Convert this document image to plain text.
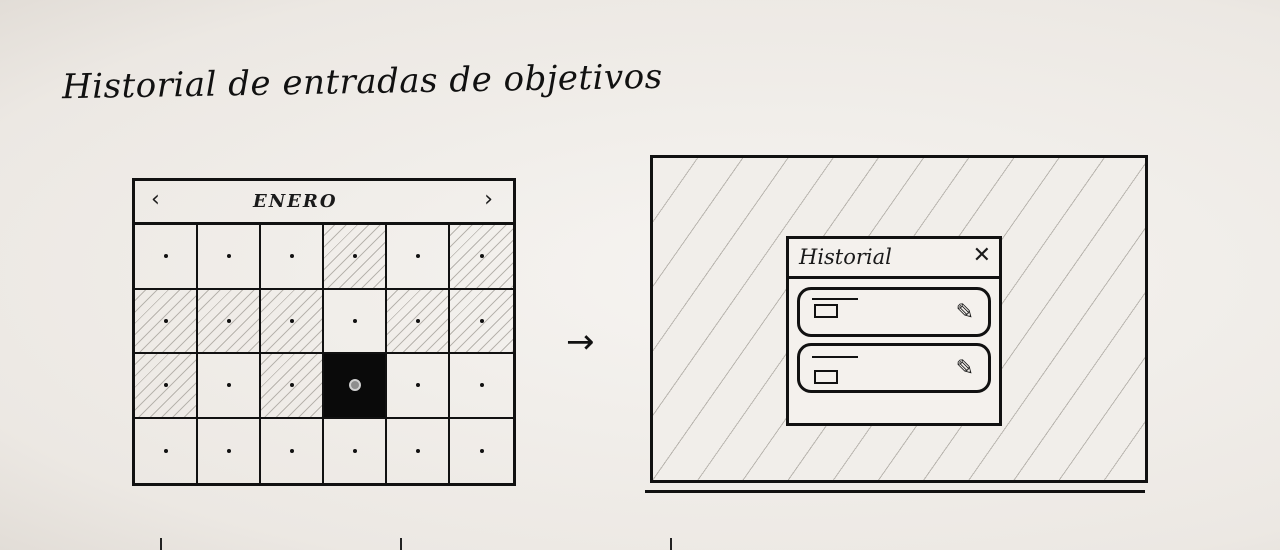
Historial de entradas de objetivos
‹	ENERO	›
→
Historial	✕
✎
✎
